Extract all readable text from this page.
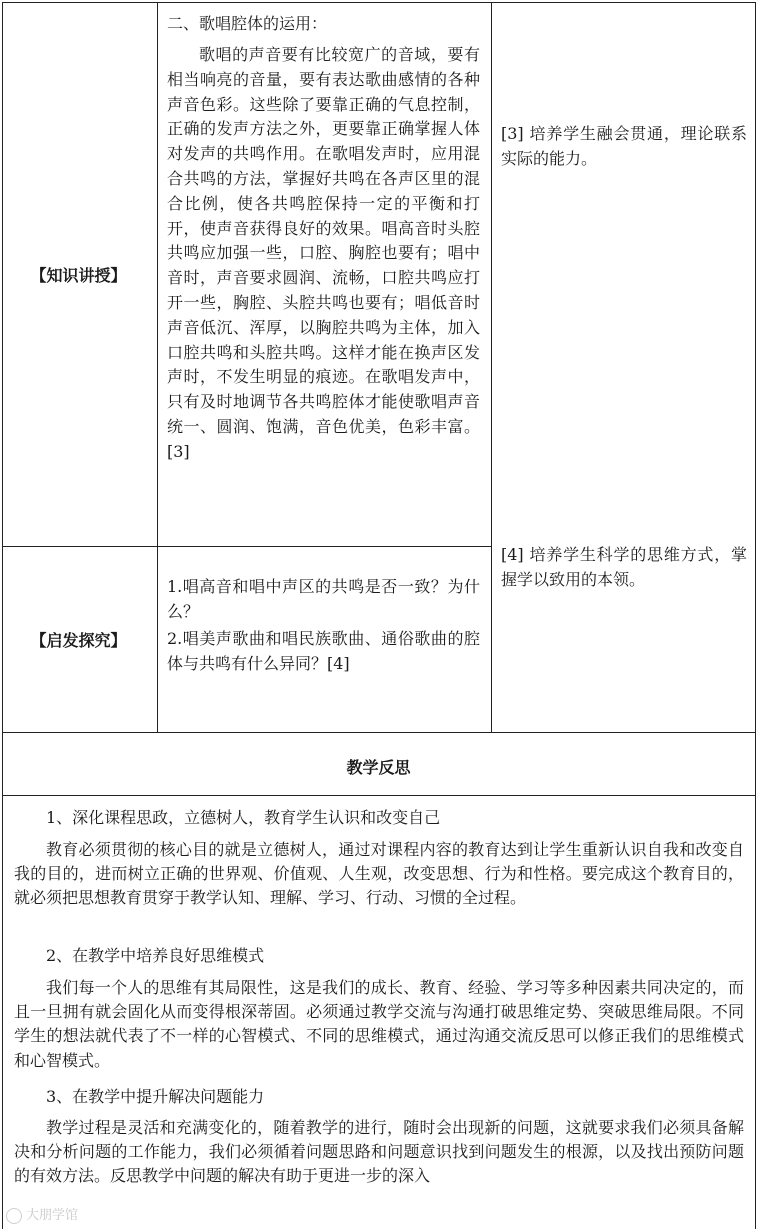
【知识讲授】
二、歌唱腔体的运用：
歌唱的声音要有比较宽广的音域，要有相当响亮的音量，要有表达歌曲感情的各种声音色彩。这些除了要靠正确的气息控制，正确的发声方法之外，更要靠正确掌握人体对发声的共鸣作用。在歌唱发声时，应用混合共鸣的方法，掌握好共鸣在各声区里的混合比例，使各共鸣腔保持一定的平衡和打开，使声音获得良好的效果。唱高音时头腔共鸣应加强一些，口腔、胸腔也要有；唱中音时，声音要求圆润、流畅，口腔共鸣应打开一些，胸腔、头腔共鸣也要有；唱低音时声音低沉、浑厚，以胸腔共鸣为主体，加入口腔共鸣和头腔共鸣。这样才能在换声区发声时，不发生明显的痕迹。在歌唱发声中，只有及时地调节各共鸣腔体才能使歌唱声音统一、圆润、饱满，音色优美，色彩丰富。[3]
[3] 培养学生融会贯通，理论联系实际的能力。
【启发探究】
1.唱高音和唱中声区的共鸣是否一致？为什么？
2.唱美声歌曲和唱民族歌曲、通俗歌曲的腔体与共鸣有什么异同？[4]
[4] 培养学生科学的思维方式，掌握学以致用的本领。
教学反思
1、深化课程思政，立德树人，教育学生认识和改变自己
教育必须贯彻的核心目的就是立德树人，通过对课程内容的教育达到让学生重新认识自我和改变自我的目的，进而树立正确的世界观、价值观、人生观，改变思想、行为和性格。要完成这个教育目的，就必须把思想教育贯穿于教学认知、理解、学习、行动、习惯的全过程。
2、在教学中培养良好思维模式
我们每一个人的思维有其局限性，这是我们的成长、教育、经验、学习等多种因素共同决定的，而且一旦拥有就会固化从而变得根深蒂固。必须通过教学交流与沟通打破思维定势、突破思维局限。不同学生的想法就代表了不一样的心智模式、不同的思维模式，通过沟通交流反思可以修正我们的思维模式和心智模式。
3、在教学中提升解决问题能力
教学过程是灵活和充满变化的，随着教学的进行，随时会出现新的问题，这就要求我们必须具备解决和分析问题的工作能力，我们必须循着问题思路和问题意识找到问题发生的根源，以及找出预防问题的有效方法。反思教学中问题的解决有助于更进一步的深入
大朋学馆
